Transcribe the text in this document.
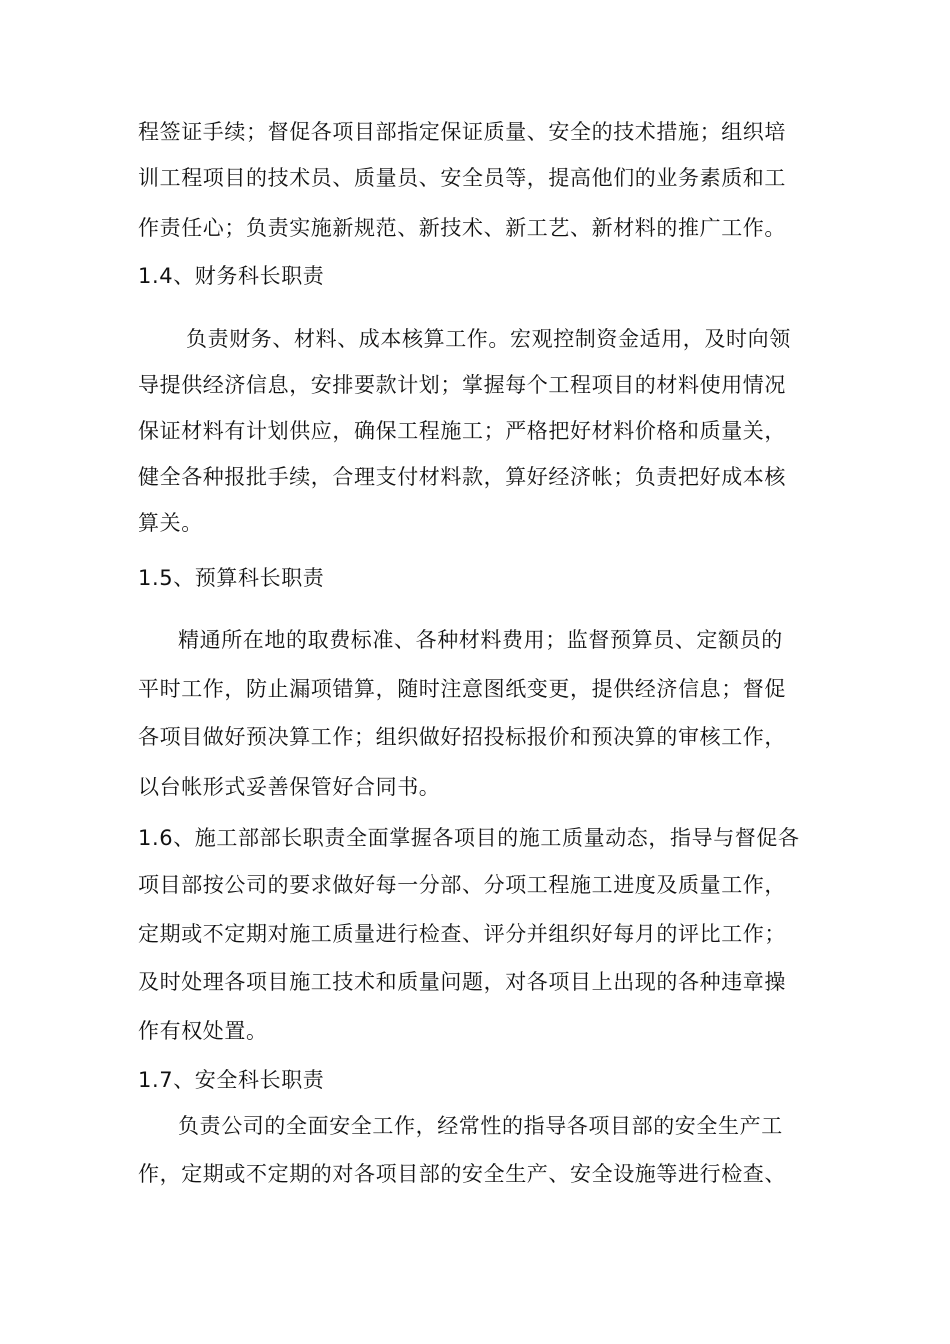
程签证手续；督促各项目部指定保证质量、安全的技术措施；组织培
训工程项目的技术员、质量员、安全员等，提高他们的业务素质和工
作责任心；负责实施新规范、新技术、新工艺、新材料的推广工作。
1.4、财务科长职责
负责财务、材料、成本核算工作。宏观控制资金适用，及时向领
导提供经济信息，安排要款计划；掌握每个工程项目的材料使用情况
保证材料有计划供应，确保工程施工；严格把好材料价格和质量关，
健全各种报批手续，合理支付材料款，算好经济帐；负责把好成本核
算关。
1.5、预算科长职责
精通所在地的取费标准、各种材料费用；监督预算员、定额员的
平时工作，防止漏项错算，随时注意图纸变更，提供经济信息；督促
各项目做好预决算工作；组织做好招投标报价和预决算的审核工作，
以台帐形式妥善保管好合同书。
1.6、施工部部长职责全面掌握各项目的施工质量动态，指导与督促各
项目部按公司的要求做好每一分部、分项工程施工进度及质量工作，
定期或不定期对施工质量进行检查、评分并组织好每月的评比工作；
及时处理各项目施工技术和质量问题，对各项目上出现的各种违章操
作有权处置。
1.7、安全科长职责
负责公司的全面安全工作，经常性的指导各项目部的安全生产工
作，定期或不定期的对各项目部的安全生产、安全设施等进行检查、
